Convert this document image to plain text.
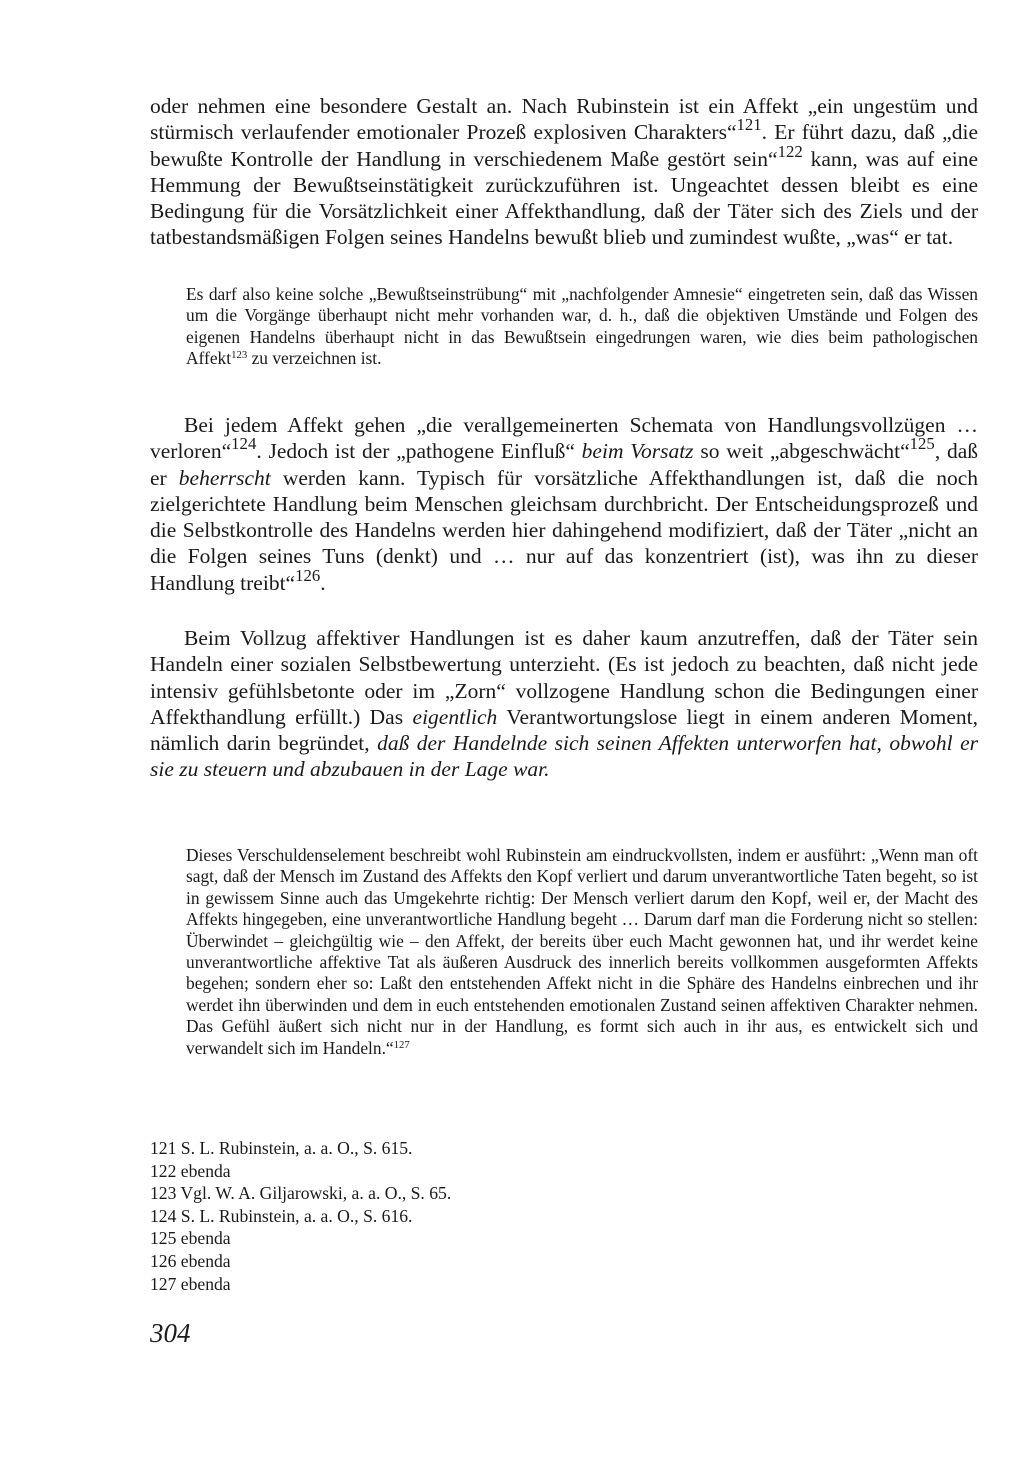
oder nehmen eine besondere Gestalt an. Nach Rubinstein ist ein Affekt „ein ungestüm und stürmisch verlaufender emotionaler Prozeß explosiven Charakters“$^{121}$. Er führt dazu, daß „die bewußte Kontrolle der Handlung in verschiedenem Maße gestört sein“$^{122}$ kann, was auf eine Hemmung der Bewußtseinstätigkeit zurückzuführen ist. Ungeachtet dessen bleibt es eine Bedingung für die Vorsätzlichkeit einer Affekthandlung, daß der Täter sich des Ziels und der tatbestandsmäßigen Folgen seines Handelns bewußt blieb und zumindest wußte, „was“ er tat.

Es darf also keine solche „Bewußtseinstrübung“ mit „nachfolgender Amnesie“ eingetreten sein, daß das Wissen um die Vorgänge überhaupt nicht mehr vorhanden war, d. h., daß die objektiven Umstände und Folgen des eigenen Handelns überhaupt nicht in das Bewußtsein eingedrungen waren, wie dies beim pathologischen Affekt$^{123}$ zu verzeichnen ist.

Bei jedem Affekt gehen „die verallgemeinerten Schemata von Handlungsvollzügen … verloren“$^{124}$. Jedoch ist der „pathogene Einfluß“ beim Vorsatz so weit „abgeschwächt“$^{125}$, daß er beherrscht werden kann. Typisch für vorsätzliche Affekthandlungen ist, daß die noch zielgerichtete Handlung beim Menschen gleichsam durchbricht. Der Entscheidungsprozeß und die Selbstkontrolle des Handelns werden hier dahingehend modifiziert, daß der Täter „nicht an die Folgen seines Tuns (denkt) und … nur auf das konzentriert (ist), was ihn zu dieser Handlung treibt“$^{126}$.

Beim Vollzug affektiver Handlungen ist es daher kaum anzutreffen, daß der Täter sein Handeln einer sozialen Selbstbewertung unterzieht. (Es ist jedoch zu beachten, daß nicht jede intensiv gefühlsbetonte oder im „Zorn“ vollzogene Handlung schon die Bedingungen einer Affekthandlung erfüllt.) Das eigentlich Verantwortungslose liegt in einem anderen Moment, nämlich darin begründet, daß der Handelnde sich seinen Affekten unterworfen hat, obwohl er sie zu steuern und abzubauen in der Lage war.

Dieses Verschuldenselement beschreibt wohl Rubinstein am eindruckvollsten, indem er ausführt: „Wenn man oft sagt, daß der Mensch im Zustand des Affekts den Kopf verliert und darum unverantwortliche Taten begeht, so ist in gewissem Sinne auch das Umgekehrte richtig: Der Mensch verliert darum den Kopf, weil er, der Macht des Affekts hingegeben, eine unverantwortliche Handlung begeht … Darum darf man die Forderung nicht so stellen: Überwindet – gleichgültig wie – den Affekt, der bereits über euch Macht gewonnen hat, und ihr werdet keine unverantwortliche affektive Tat als äußeren Ausdruck des innerlich bereits vollkommen ausgeformten Affekts begehen; sondern eher so: Laßt den entstehenden Affekt nicht in die Sphäre des Handelns einbrechen und ihr werdet ihn überwinden und dem in euch entstehenden emotionalen Zustand seinen affektiven Charakter nehmen. Das Gefühl äußert sich nicht nur in der Handlung, es formt sich auch in ihr aus, es entwickelt sich und verwandelt sich im Handeln.“$^{127}$

121 S. L. Rubinstein, a. a. O., S. 615.
122 ebenda
123 Vgl. W. A. Giljarowski, a. a. O., S. 65.
124 S. L. Rubinstein, a. a. O., S. 616.
125 ebenda
126 ebenda
127 ebenda
304
